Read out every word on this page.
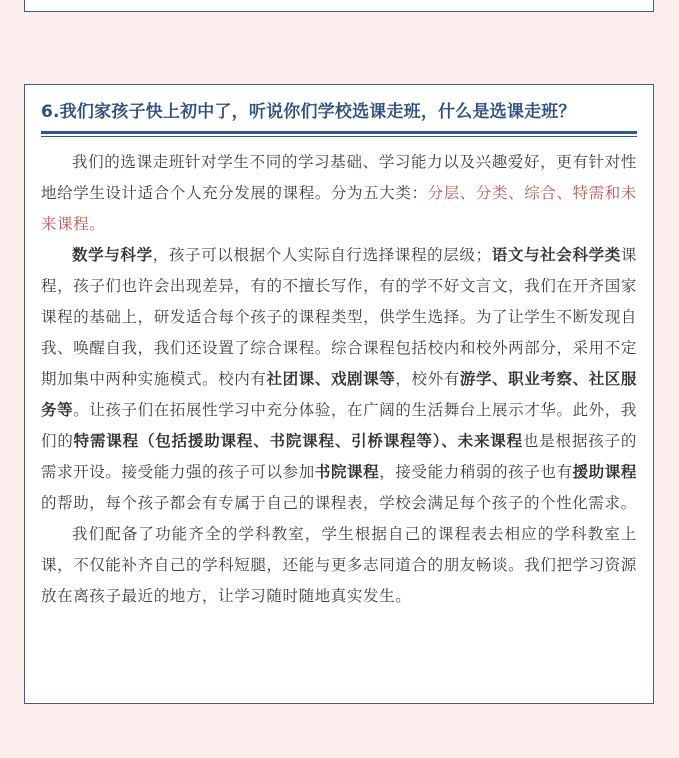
6.我们家孩子快上初中了，听说你们学校选课走班，什么是选课走班？

我们的选课走班针对学生不同的学习基础、学习能力以及兴趣爱好，更有针对性地给学生设计适合个人充分发展的课程。分为五大类：分层、分类、综合、特需和未来课程。

数学与科学，孩子可以根据个人实际自行选择课程的层级；语文与社会科学类课程，孩子们也许会出现差异，有的不擅长写作，有的学不好文言文，我们在开齐国家课程的基础上，研发适合每个孩子的课程类型，供学生选择。为了让学生不断发现自我、唤醒自我，我们还设置了综合课程。综合课程包括校内和校外两部分，采用不定期加集中两种实施模式。校内有社团课、戏剧课等，校外有游学、职业考察、社区服务等。让孩子们在拓展性学习中充分体验，在广阔的生活舞台上展示才华。此外，我们的特需课程（包括援助课程、书院课程、引桥课程等）、未来课程也是根据孩子的需求开设。接受能力强的孩子可以参加书院课程，接受能力稍弱的孩子也有援助课程的帮助，每个孩子都会有专属于自己的课程表，学校会满足每个孩子的个性化需求。

我们配备了功能齐全的学科教室，学生根据自己的课程表去相应的学科教室上课，不仅能补齐自己的学科短腿，还能与更多志同道合的朋友畅谈。我们把学习资源放在离孩子最近的地方，让学习随时随地真实发生。
